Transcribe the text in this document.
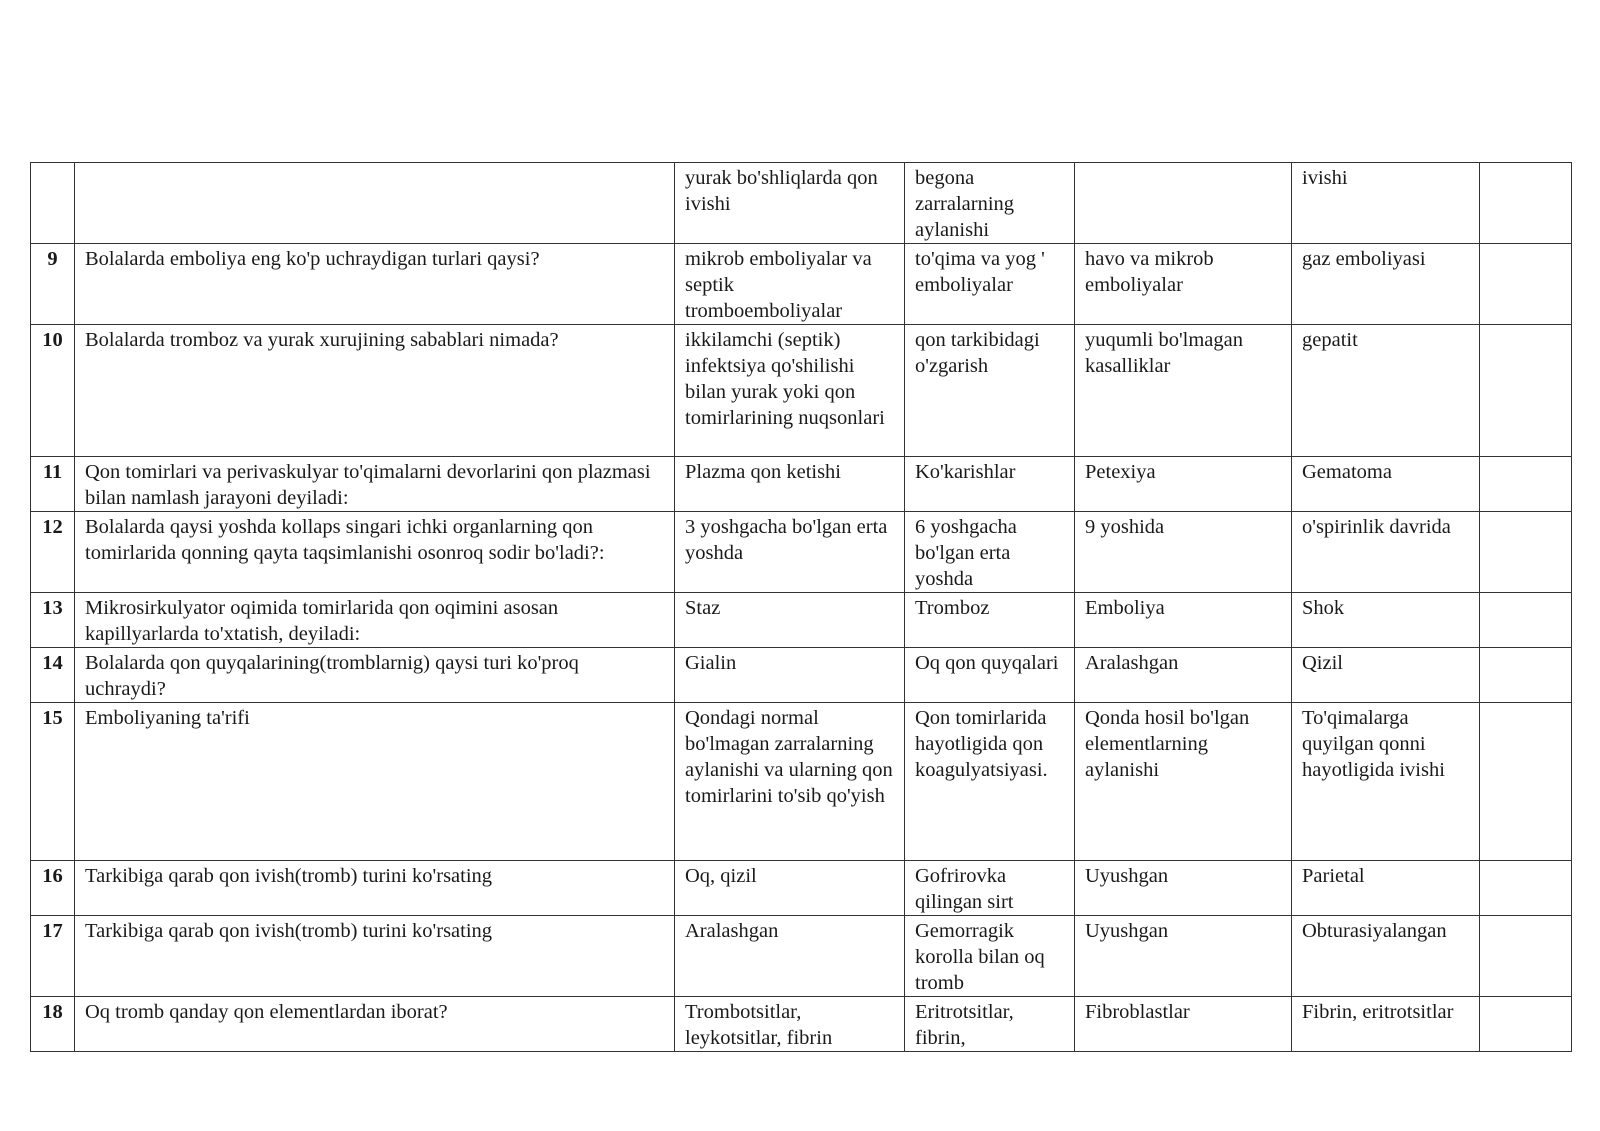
		yurak bo'shliqlarda qon ivishi	begona zarralarning aylanishi		ivishi	
9	Bolalarda emboliya eng ko'p uchraydigan turlari qaysi?	mikrob emboliyalar va septik tromboemboliyalar	to'qima va yog ' emboliyalar	havo va mikrob emboliyalar	gaz emboliyasi	
10	Bolalarda tromboz va yurak xurujining sabablari nimada?	ikkilamchi (septik) infektsiya qo'shilishi bilan yurak yoki qon tomirlarining nuqsonlari	qon tarkibidagi o'zgarish	yuqumli bo'lmagan kasalliklar	gepatit	
11	Qon tomirlari va perivaskulyar to'qimalarni devorlarini qon plazmasi bilan namlash jarayoni deyiladi:	Plazma qon ketishi	Ko'karishlar	Petexiya	Gematoma	
12	Bolalarda qaysi yoshda kollaps singari ichki organlarning qon tomirlarida qonning qayta taqsimlanishi osonroq sodir bo'ladi?:	3 yoshgacha bo'lgan erta yoshda	6 yoshgacha bo'lgan erta yoshda	9 yoshida	o'spirinlik davrida	
13	Mikrosirkulyator oqimida tomirlarida qon oqimini asosan kapillyarlarda to'xtatish, deyiladi:	Staz	Tromboz	Emboliya	Shok	
14	Bolalarda qon quyqalarining(tromblarnig) qaysi turi ko'proq uchraydi?	Gialin	Oq qon quyqalari	Aralashgan	Qizil	
15	Emboliyaning ta'rifi	Qondagi normal bo'lmagan zarralarning aylanishi va ularning qon tomirlarini to'sib qo'yish	Qon tomirlarida hayotligida qon koagulyatsiyasi.	Qonda hosil bo'lgan elementlarning aylanishi	To'qimalarga quyilgan qonni hayotligida ivishi	
16	Tarkibiga qarab qon ivish(tromb) turini ko'rsating	Oq, qizil	Gofrirovka qilingan sirt	Uyushgan	Parietal	
17	Tarkibiga qarab qon ivish(tromb) turini ko'rsating	Aralashgan	Gemorragik korolla bilan oq tromb	Uyushgan	Obturasiyalangan	
18	Oq tromb qanday qon elementlardan iborat?	Trombotsitlar, leykotsitlar, fibrin	Eritrotsitlar, fibrin,	Fibroblastlar	Fibrin, eritrotsitlar	
